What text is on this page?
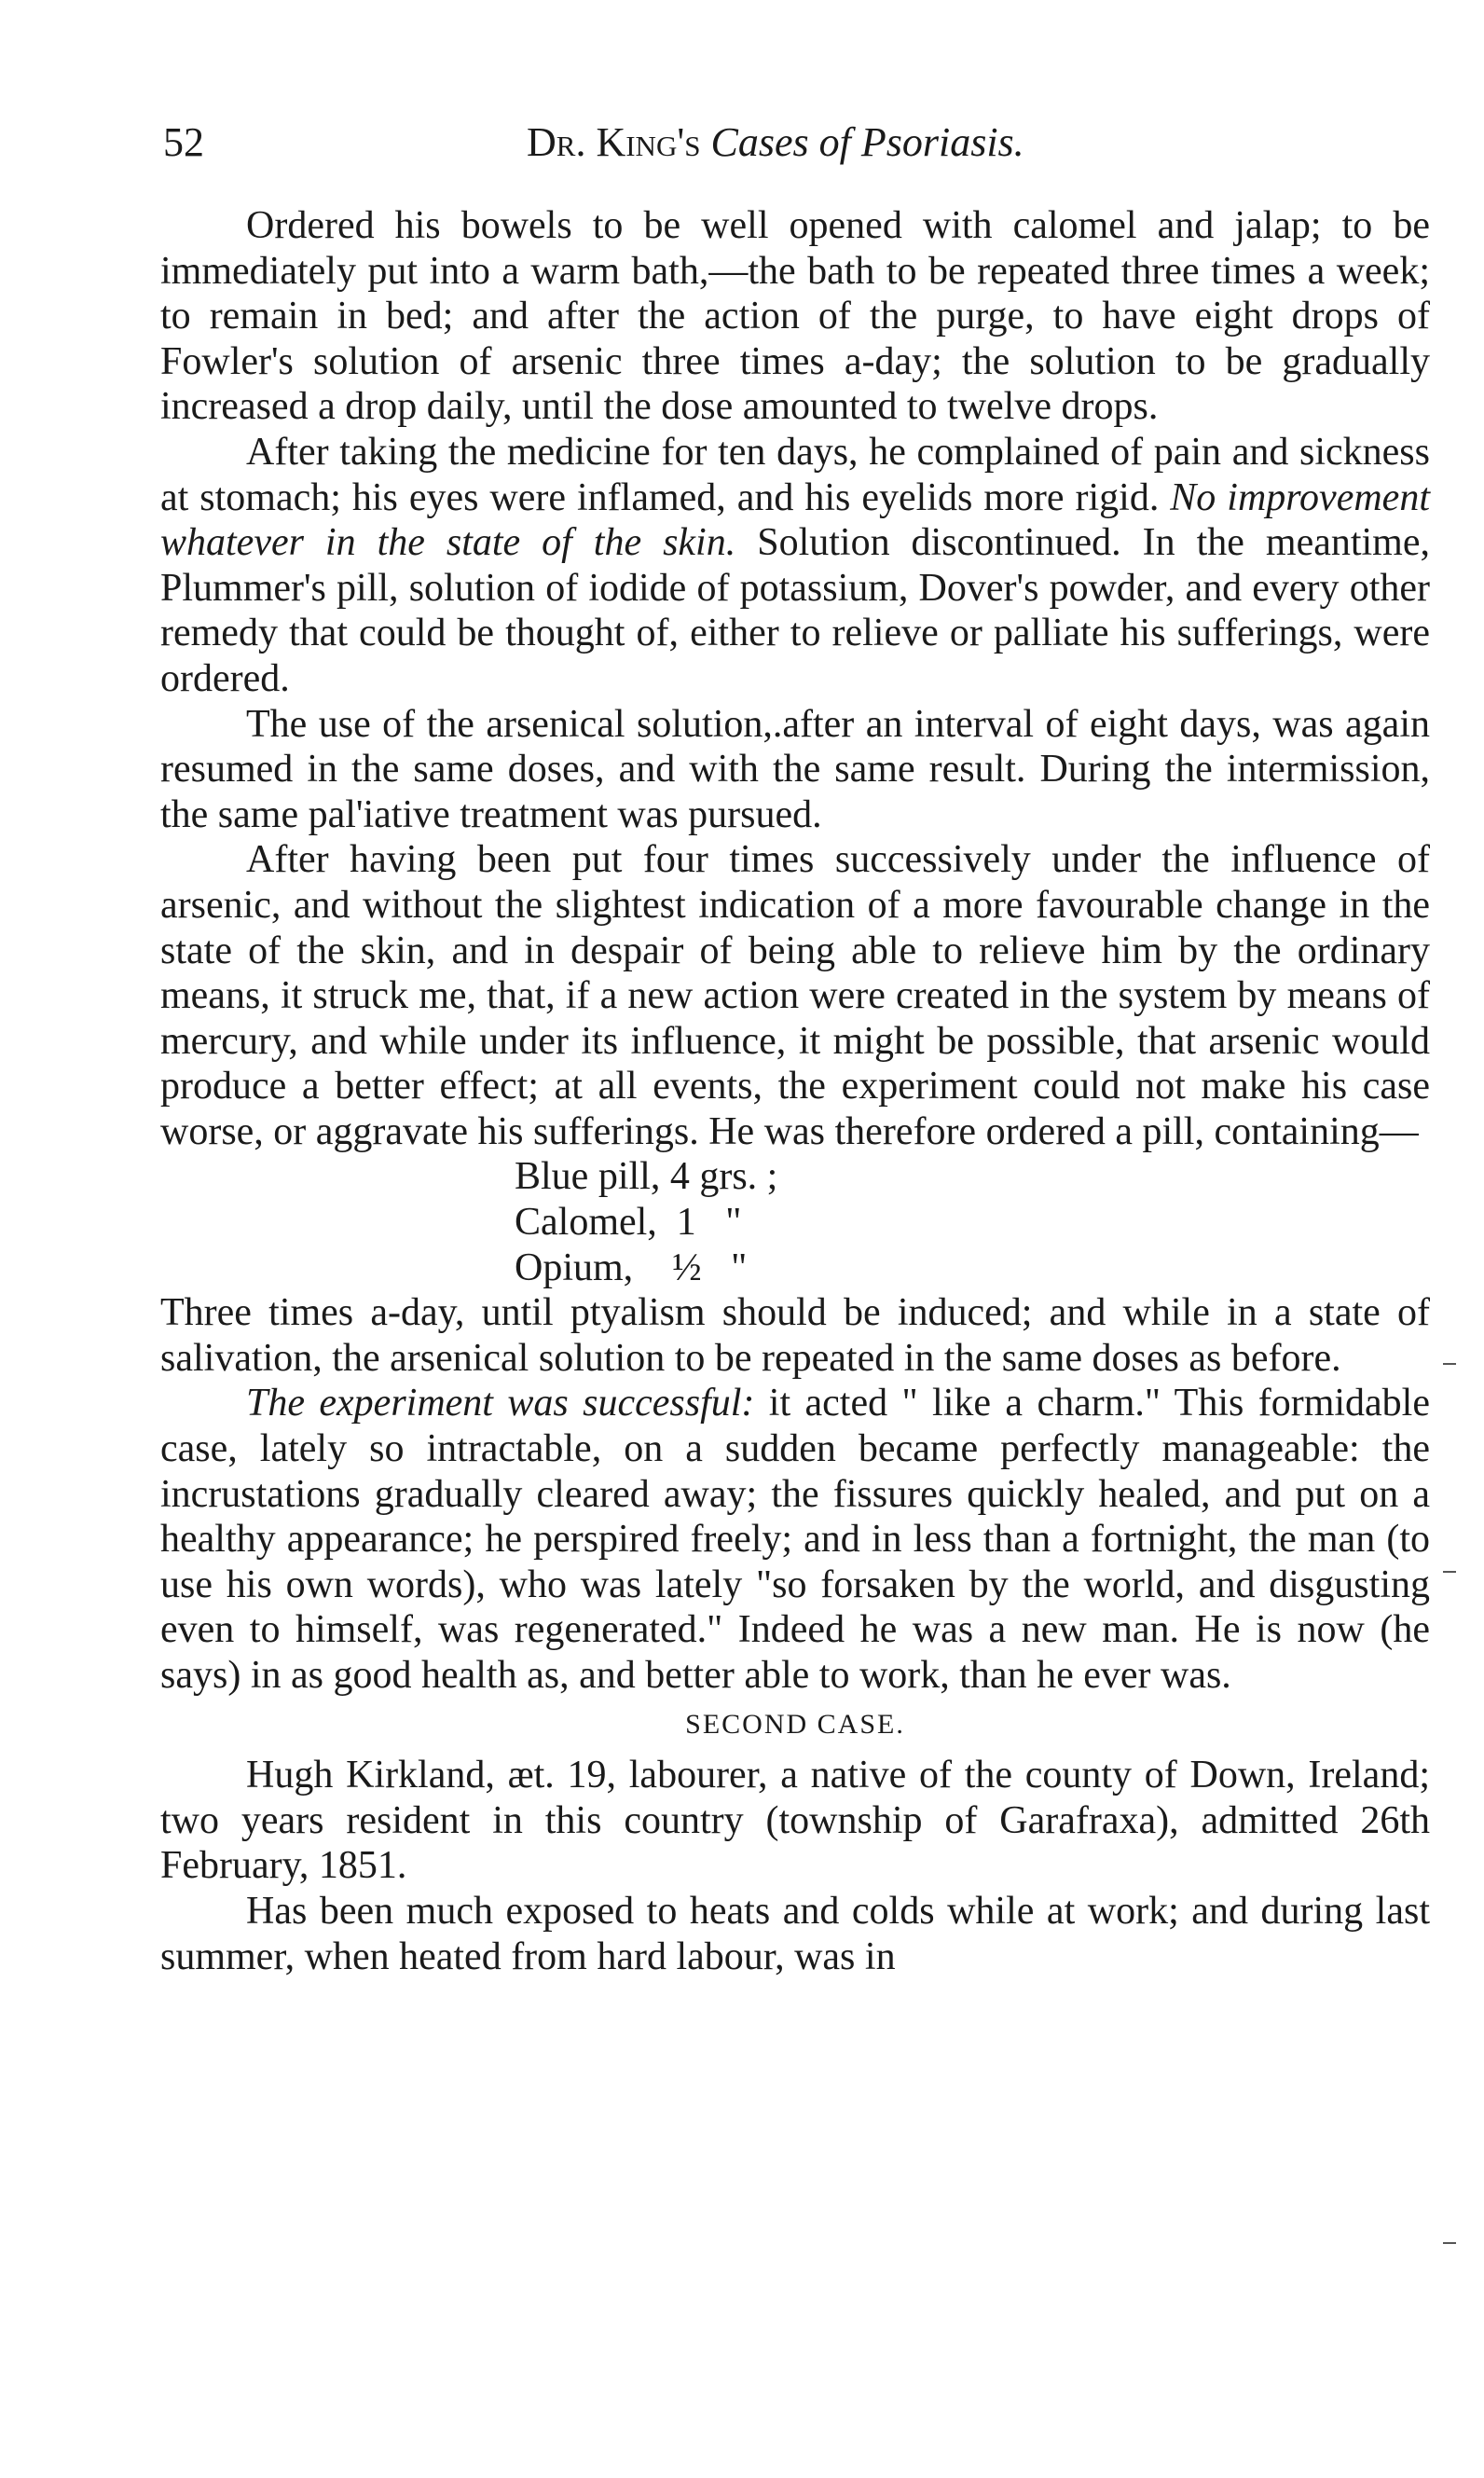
52	Dr. King's Cases of Psoriasis.

Ordered his bowels to be well opened with calomel and jalap; to be immediately put into a warm bath,—the bath to be repeated three times a week; to remain in bed; and after the action of the purge, to have eight drops of Fowler's solution of arsenic three times a-day; the solution to be gradually increased a drop daily, until the dose amounted to twelve drops.

After taking the medicine for ten days, he complained of pain and sickness at stomach; his eyes were inflamed, and his eyelids more rigid. No improvement whatever in the state of the skin. Solution discontinued. In the meantime, Plummer's pill, solution of iodide of potassium, Dover's powder, and every other remedy that could be thought of, either to relieve or palliate his sufferings, were ordered.

The use of the arsenical solution,.after an interval of eight days, was again resumed in the same doses, and with the same result. During the intermission, the same pal'iative treatment was pursued.

After having been put four times successively under the influence of arsenic, and without the slightest indication of a more favourable change in the state of the skin, and in despair of being able to relieve him by the ordinary means, it struck me, that, if a new action were created in the system by means of mercury, and while under its influence, it might be possible, that arsenic would produce a better effect; at all events, the experiment could not make his case worse, or aggravate his sufferings. He was therefore ordered a pill, containing—

Blue pill, 4 grs. ;
Calomel,  1   "
Opium,    ½   "

Three times a-day, until ptyalism should be induced; and while in a state of salivation, the arsenical solution to be repeated in the same doses as before.

The experiment was successful: it acted " like a charm." This formidable case, lately so intractable, on a sudden became perfectly manageable: the incrustations gradually cleared away; the fissures quickly healed, and put on a healthy appearance; he perspired freely; and in less than a fortnight, the man (to use his own words), who was lately "so forsaken by the world, and disgusting even to himself, was regenerated." Indeed he was a new man. He is now (he says) in as good health as, and better able to work, than he ever was.

SECOND CASE.

Hugh Kirkland, æt. 19, labourer, a native of the county of Down, Ireland; two years resident in this country (township of Garafraxa), admitted 26th February, 1851.

Has been much exposed to heats and colds while at work; and during last summer, when heated from hard labour, was in
